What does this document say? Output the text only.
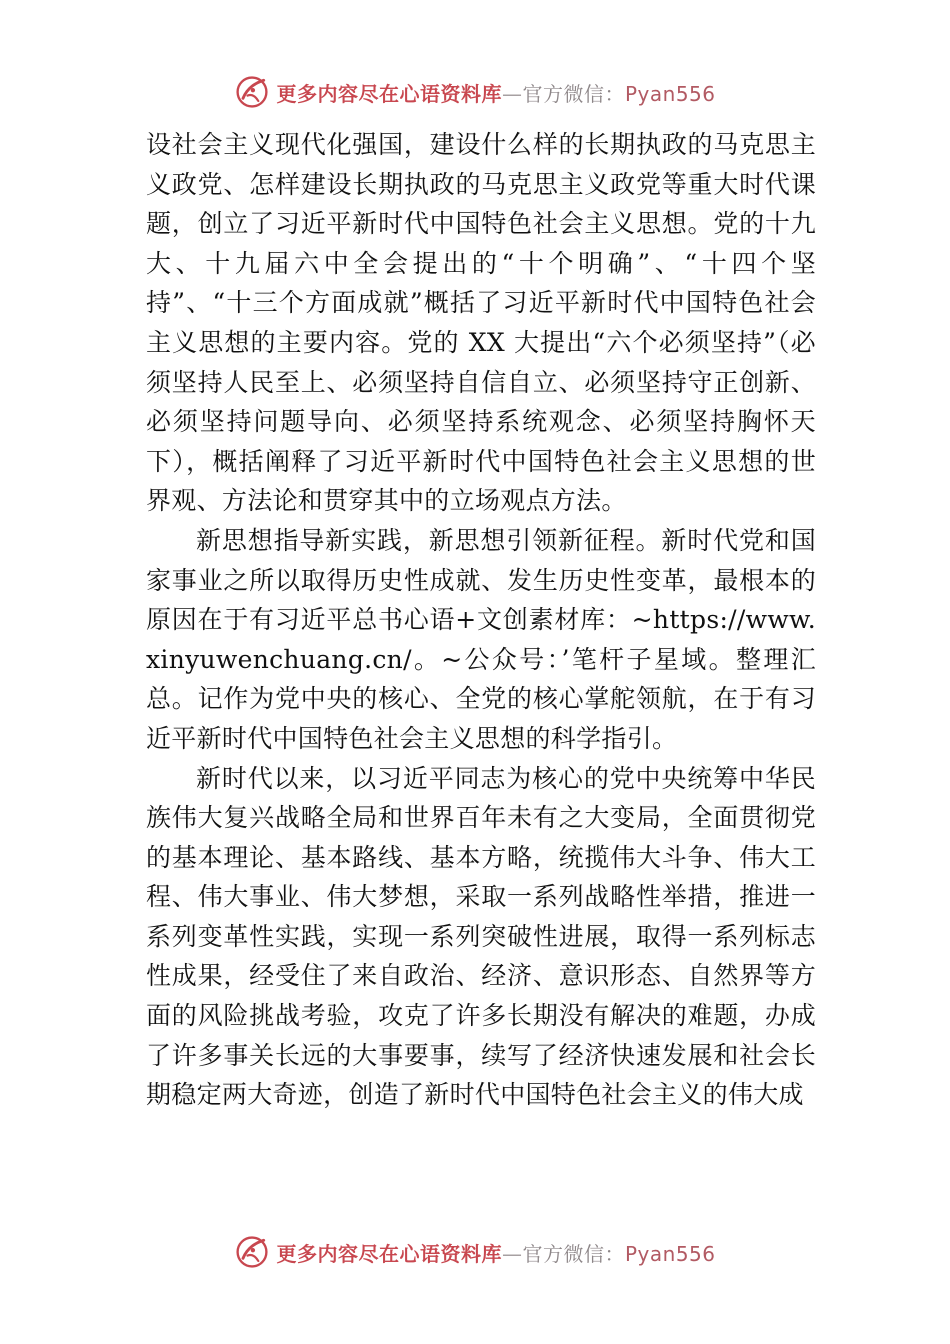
更多内容尽在心语资料库—官方微信：Pyan556

设社会主义现代化强国，建设什么样的长期执政的马克思主义政党、怎样建设长期执政的马克思主义政党等重大时代课题，创立了习近平新时代中国特色社会主义思想。党的十九大、十九届六中全会提出的“十个明确”、“十四个坚持”、“十三个方面成就”概括了习近平新时代中国特色社会主义思想的主要内容。党的 XX 大提出“六个必须坚持”（必须坚持人民至上、必须坚持自信自立、必须坚持守正创新、必须坚持问题导向、必须坚持系统观念、必须坚持胸怀天下），概括阐释了习近平新时代中国特色社会主义思想的世界观、方法论和贯穿其中的立场观点方法。

新思想指导新实践，新思想引领新征程。新时代党和国家事业之所以取得历史性成就、发生历史性变革，最根本的原因在于有习近平总书心语+文创素材库：~https://www.xinyuwenchuang.cn/。~公众号：’笔杆子星域。整理汇总。记作为党中央的核心、全党的核心掌舵领航，在于有习近平新时代中国特色社会主义思想的科学指引。

新时代以来，以习近平同志为核心的党中央统筹中华民族伟大复兴战略全局和世界百年未有之大变局，全面贯彻党的基本理论、基本路线、基本方略，统揽伟大斗争、伟大工程、伟大事业、伟大梦想，采取一系列战略性举措，推进一系列变革性实践，实现一系列突破性进展，取得一系列标志性成果，经受住了来自政治、经济、意识形态、自然界等方面的风险挑战考验，攻克了许多长期没有解决的难题，办成了许多事关长远的大事要事，续写了经济快速发展和社会长期稳定两大奇迹，创造了新时代中国特色社会主义的伟大成

更多内容尽在心语资料库—官方微信：Pyan556
